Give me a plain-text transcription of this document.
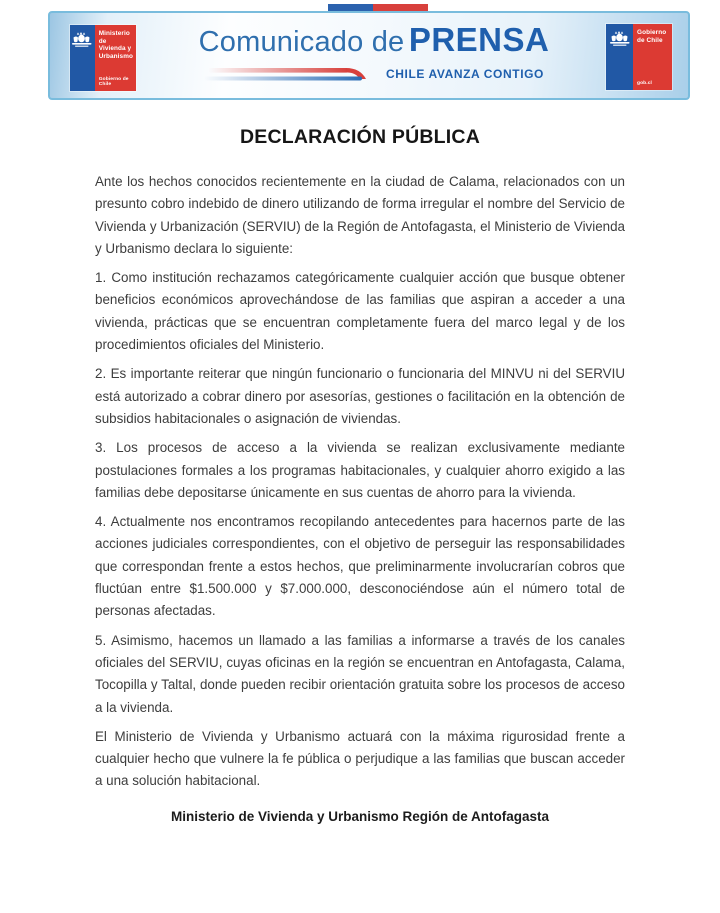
Ministerio de
Vivienda y
Urbanismo
Gobierno de Chile
Comunicado de PRENSA
CHILE AVANZA CONTIGO
Gobierno
de Chile
gob.cl
DECLARACIÓN PÚBLICA

Ante los hechos conocidos recientemente en la ciudad de Calama, relacionados con un presunto cobro indebido de dinero utilizando de forma irregular el nombre del Servicio de Vivienda y Urbanización (SERVIU) de la Región de Antofagasta, el Ministerio de Vivienda y Urbanismo declara lo siguiente:

1. Como institución rechazamos categóricamente cualquier acción que busque obtener beneficios económicos aprovechándose de las familias que aspiran a acceder a una vivienda, prácticas que se encuentran completamente fuera del marco legal y de los procedimientos oficiales del Ministerio.

2. Es importante reiterar que ningún funcionario o funcionaria del MINVU ni del SERVIU está autorizado a cobrar dinero por asesorías, gestiones o facilitación en la obtención de subsidios habitacionales o asignación de viviendas.

3. Los procesos de acceso a la vivienda se realizan exclusivamente mediante postulaciones formales a los programas habitacionales, y cualquier ahorro exigido a las familias debe depositarse únicamente en sus cuentas de ahorro para la vivienda.

4. Actualmente nos encontramos recopilando antecedentes para hacernos parte de las acciones judiciales correspondientes, con el objetivo de perseguir las responsabilidades que correspondan frente a estos hechos, que preliminarmente involucrarían cobros que fluctúan entre $1.500.000 y $7.000.000, desconociéndose aún el número total de personas afectadas.

5. Asimismo, hacemos un llamado a las familias a informarse a través de los canales oficiales del SERVIU, cuyas oficinas en la región se encuentran en Antofagasta, Calama, Tocopilla y Taltal, donde pueden recibir orientación gratuita sobre los procesos de acceso a la vivienda.

El Ministerio de Vivienda y Urbanismo actuará con la máxima rigurosidad frente a cualquier hecho que vulnere la fe pública o perjudique a las familias que buscan acceder a una solución habitacional.

Ministerio de Vivienda y Urbanismo Región de Antofagasta
